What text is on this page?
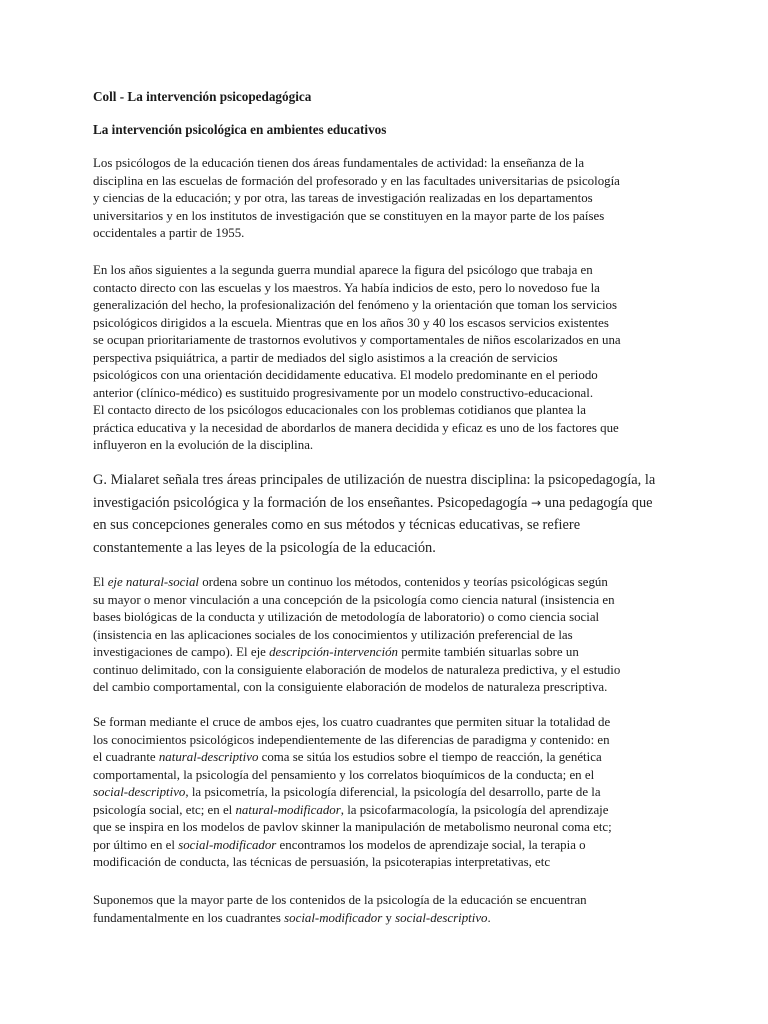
Coll - La intervención psicopedagógica

La intervención psicológica en ambientes educativos

Los psicólogos de la educación tienen dos áreas fundamentales de actividad: la enseñanza de la
disciplina en las escuelas de formación del profesorado y en las facultades universitarias de psicología
y ciencias de la educación; y por otra, las tareas de investigación realizadas en los departamentos
universitarios y en los institutos de investigación que se constituyen en la mayor parte de los países
occidentales a partir de 1955.

En los años siguientes a la segunda guerra mundial aparece la figura del psicólogo que trabaja en
contacto directo con las escuelas y los maestros. Ya había indicios de esto, pero lo novedoso fue la
generalización del hecho, la profesionalización del fenómeno y la orientación que toman los servicios
psicológicos dirigidos a la escuela. Mientras que en los años 30 y 40 los escasos servicios existentes
se ocupan prioritariamente de trastornos evolutivos y comportamentales de niños escolarizados en una
perspectiva psiquiátrica, a partir de mediados del siglo asistimos a la creación de servicios
psicológicos con una orientación decididamente educativa. El modelo predominante en el periodo
anterior (clínico-médico) es sustituido progresivamente por un modelo constructivo-educacional.
El contacto directo de los psicólogos educacionales con los problemas cotidianos que plantea la
práctica educativa y la necesidad de abordarlos de manera decidida y eficaz es uno de los factores que
influyeron en la evolución de la disciplina.

G. Mialaret señala tres áreas principales de utilización de nuestra disciplina: la psicopedagogía, la
investigación psicológica y la formación de los enseñantes. Psicopedagogía → una pedagogía que
en sus concepciones generales como en sus métodos y técnicas educativas, se refiere
constantemente a las leyes de la psicología de la educación.

El eje natural-social ordena sobre un continuo los métodos, contenidos y teorías psicológicas según
su mayor o menor vinculación a una concepción de la psicología como ciencia natural (insistencia en
bases biológicas de la conducta y utilización de metodología de laboratorio) o como ciencia social
(insistencia en las aplicaciones sociales de los conocimientos y utilización preferencial de las
investigaciones de campo). El eje descripción-intervención permite también situarlas sobre un
continuo delimitado, con la consiguiente elaboración de modelos de naturaleza predictiva, y el estudio
del cambio comportamental, con la consiguiente elaboración de modelos de naturaleza prescriptiva.

Se forman mediante el cruce de ambos ejes, los cuatro cuadrantes que permiten situar la totalidad de
los conocimientos psicológicos independientemente de las diferencias de paradigma y contenido: en
el cuadrante natural-descriptivo coma se sitúa los estudios sobre el tiempo de reacción, la genética
comportamental, la psicología del pensamiento y los correlatos bioquímicos de la conducta; en el
social-descriptivo, la psicometría, la psicología diferencial, la psicología del desarrollo, parte de la
psicología social, etc; en el natural-modificador, la psicofarmacología, la psicología del aprendizaje
que se inspira en los modelos de pavlov skinner la manipulación de metabolismo neuronal coma etc;
por último en el social-modificador encontramos los modelos de aprendizaje social, la terapia o
modificación de conducta, las técnicas de persuasión, la psicoterapias interpretativas, etc

Suponemos que la mayor parte de los contenidos de la psicología de la educación se encuentran
fundamentalmente en los cuadrantes social-modificador y social-descriptivo.
